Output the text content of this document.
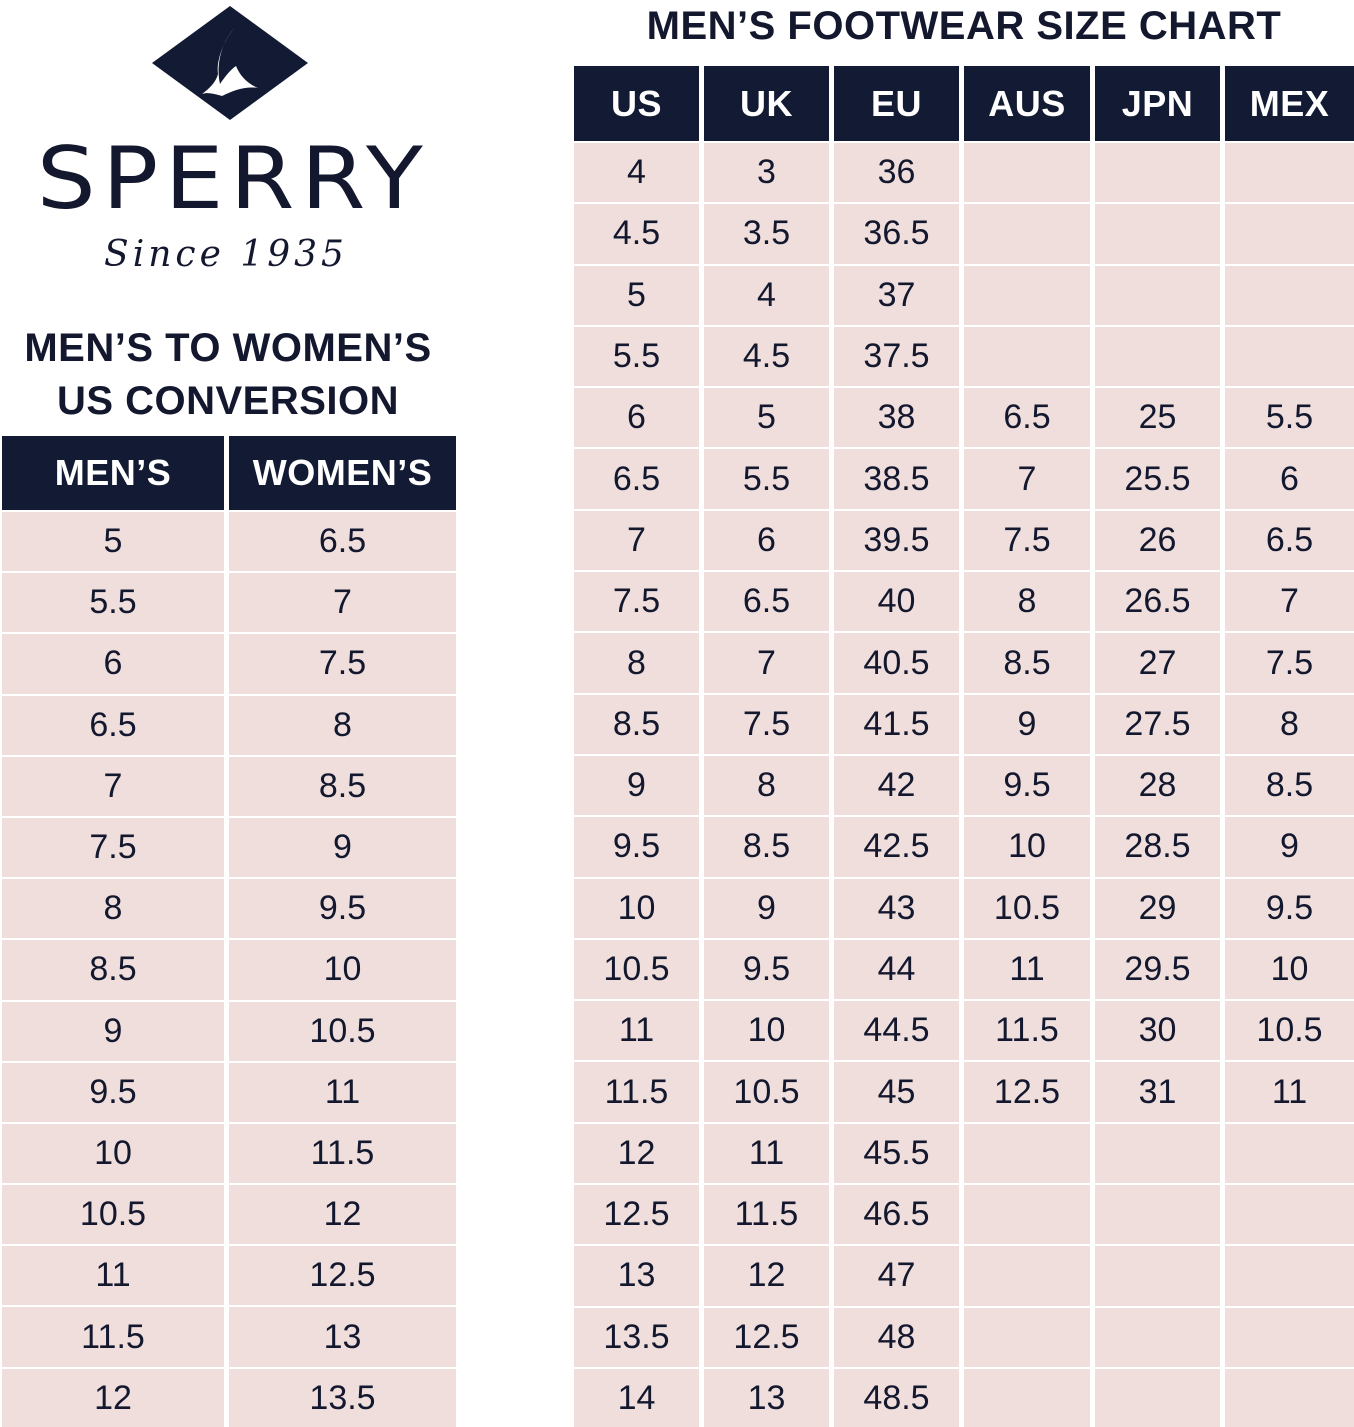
SPERRY
Since 1935
MEN’S TO WOMEN’S
US CONVERSION
MEN’S	WOMEN’S
5	6.5
5.5	7
6	7.5
6.5	8
7	8.5
7.5	9
8	9.5
8.5	10
9	10.5
9.5	11
10	11.5
10.5	12
11	12.5
11.5	13
12	13.5
MEN’S FOOTWEAR SIZE CHART
US	UK	EU	AUS	JPN	MEX
4	3	36			
4.5	3.5	36.5			
5	4	37			
5.5	4.5	37.5			
6	5	38	6.5	25	5.5
6.5	5.5	38.5	7	25.5	6
7	6	39.5	7.5	26	6.5
7.5	6.5	40	8	26.5	7
8	7	40.5	8.5	27	7.5
8.5	7.5	41.5	9	27.5	8
9	8	42	9.5	28	8.5
9.5	8.5	42.5	10	28.5	9
10	9	43	10.5	29	9.5
10.5	9.5	44	11	29.5	10
11	10	44.5	11.5	30	10.5
11.5	10.5	45	12.5	31	11
12	11	45.5			
12.5	11.5	46.5			
13	12	47			
13.5	12.5	48			
14	13	48.5			
